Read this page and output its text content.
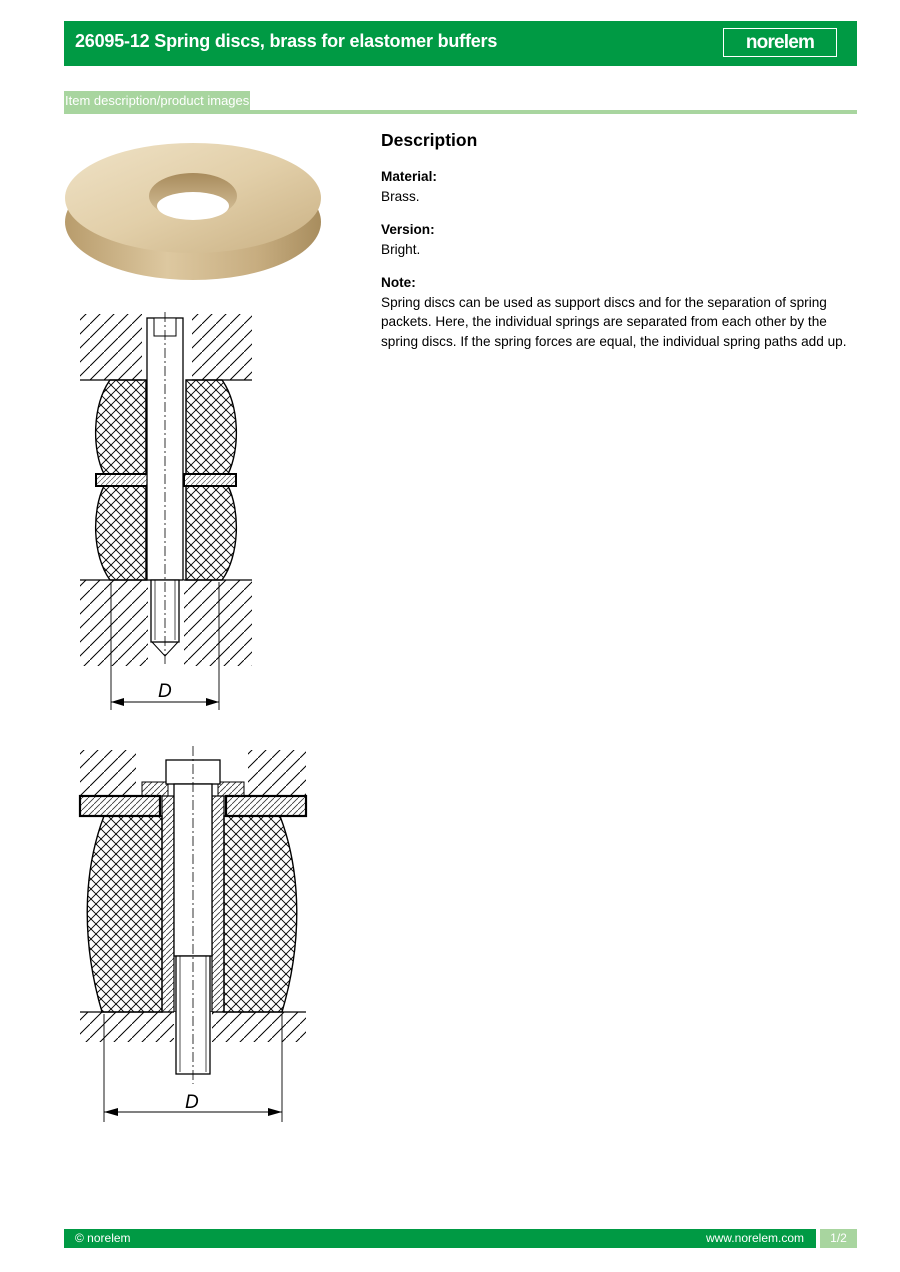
26095-12 Spring discs, brass for elastomer buffers	norelem
Item description/product images
D
D
Description

Material:

Brass.

Version:

Bright.

Note:

Spring discs can be used as support discs and for the separation of spring packets. Here, the individual springs are separated from each other by the spring discs. If the spring forces are equal, the individual spring paths add up.

© norelem	www.norelem.com	1/2
